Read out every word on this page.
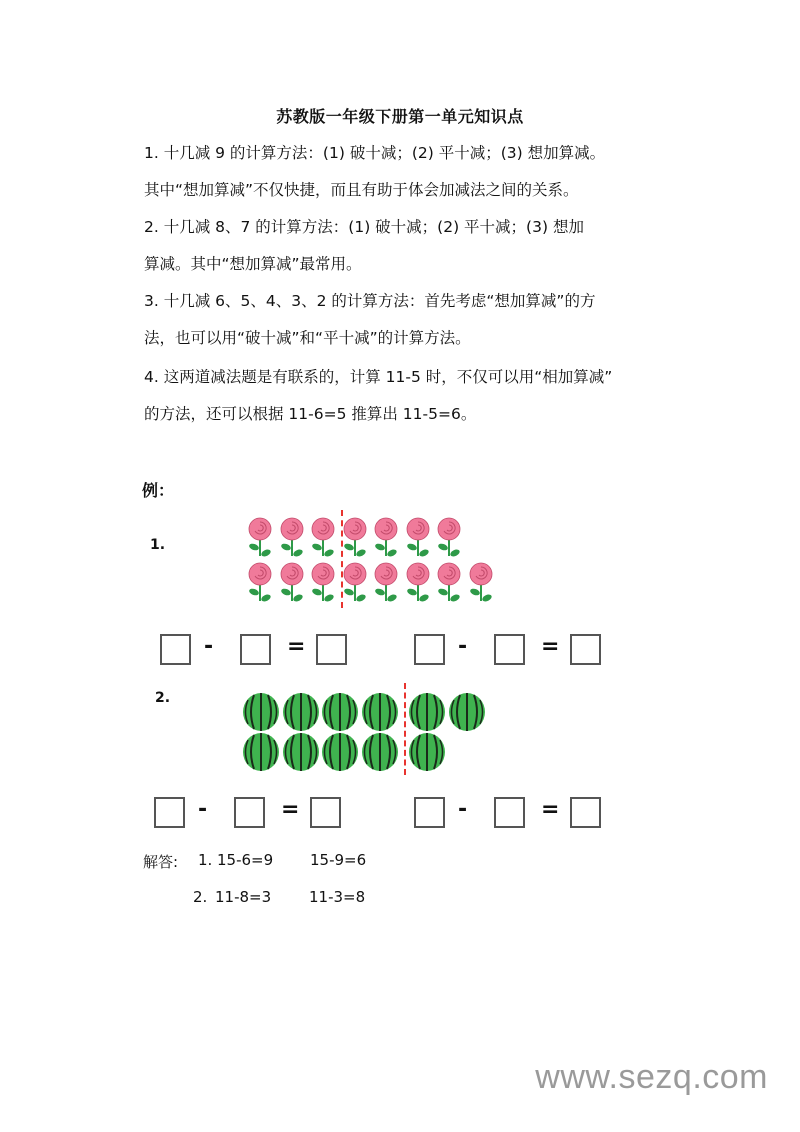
苏教版一年级下册第一单元知识点
1. 十几减 9 的计算方法：(1) 破十减；(2) 平十减；(3) 想加算减。
其中“想加算减”不仅快捷，而且有助于体会加减法之间的关系。
2. 十几减 8、7 的计算方法：(1) 破十减；(2) 平十减；(3) 想加
算减。其中“想加算减”最常用。
3. 十几减 6、5、4、3、2 的计算方法：首先考虑“想加算减”的方
法，也可以用“破十减”和“平十减”的计算方法。
4. 这两道减法题是有联系的，计算 11-5 时，不仅可以用“相加算减”
的方法，还可以根据 11-6=5 推算出 11-5=6。
例：
1.
-	=	-	=
2.
-	=	-	=
解答: 1. 15-6=9 15-9=6
2. 11-8=3	11-3=8
www.sezq.com
